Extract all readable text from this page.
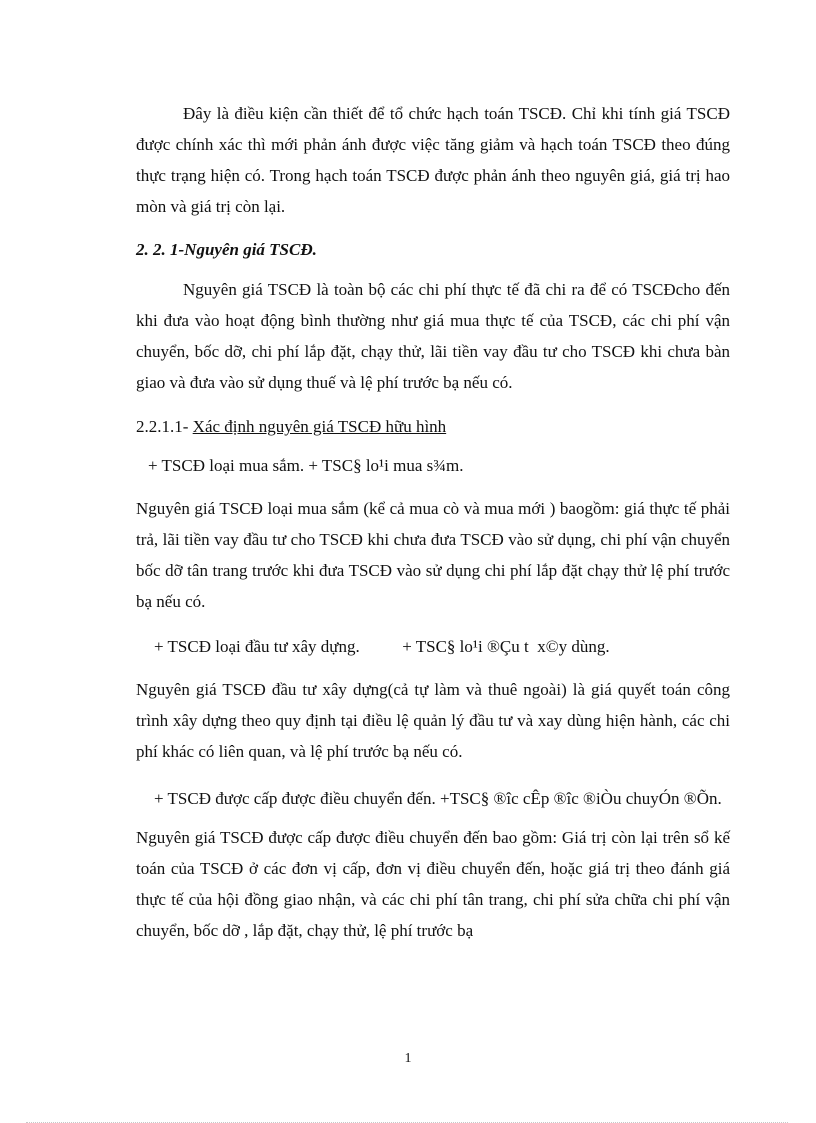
Đây là điều kiện cần thiết để tổ chức hạch toán TSCĐ. Chỉ khi tính giá TSCĐ được chính xác thì mới phản ánh được việc tăng giảm và hạch toán TSCĐ theo đúng thực trạng hiện có. Trong hạch toán TSCĐ được phản ánh theo nguyên giá, giá trị hao mòn và giá trị còn lại.

2. 2. 1-Nguyên giá TSCĐ.

Nguyên giá TSCĐ là toàn bộ các chi phí thực tế đã chi ra để có TSCĐcho đến khi đưa vào hoạt động bình thường như giá mua thực tế của TSCĐ, các chi phí vận chuyển, bốc dỡ, chi phí lắp đặt, chạy thử, lãi tiền vay đầu tư cho TSCĐ khi chưa bàn giao và đưa vào sử dụng thuế và lệ phí trước bạ nếu có.

2.2.1.1- Xác định nguyên giá TSCĐ hữu hình

+ TSCĐ loại mua sắm. + TSC§ lo¹i mua s¾m.

Nguyên giá TSCĐ loại mua sắm (kể cả mua cò và mua mới ) baogồm: giá thực tế phải trả, lãi tiền vay đầu tư cho TSCĐ khi chưa đưa TSCĐ vào sử dụng, chi phí vận chuyển bốc dỡ tân trang trước khi đưa TSCĐ vào sử dụng chi phí lắp đặt chạy thử lệ phí trước bạ nếu có.

+ TSCĐ loại đầu tư xây dựng.          + TSC§ lo¹i ®Çu t  x©y dùng.

Nguyên giá TSCĐ đầu tư xây dựng(cả tự làm và thuê ngoài) là giá quyết toán công trình xây dựng theo quy định tại điều lệ quản lý đầu tư và xay dùng hiện hành, các chi phí khác có liên quan, và lệ phí trước bạ nếu có.

+ TSCĐ được cấp được điều chuyển đến. +TSC§ ®îc cÊp ®îc ®iÒu chuyÓn ®Õn.

Nguyên giá TSCĐ được cấp được điều chuyển đến bao gồm: Giá trị còn lại trên sổ kế toán của TSCĐ ở các đơn vị cấp, đơn vị điều chuyển đến, hoặc giá trị theo đánh giá thực tế của hội đồng giao nhận, và các chi phí tân trang, chi phí sửa chữa chi phí vận chuyển, bốc dỡ , lắp đặt, chạy thử, lệ phí trước bạ

1
